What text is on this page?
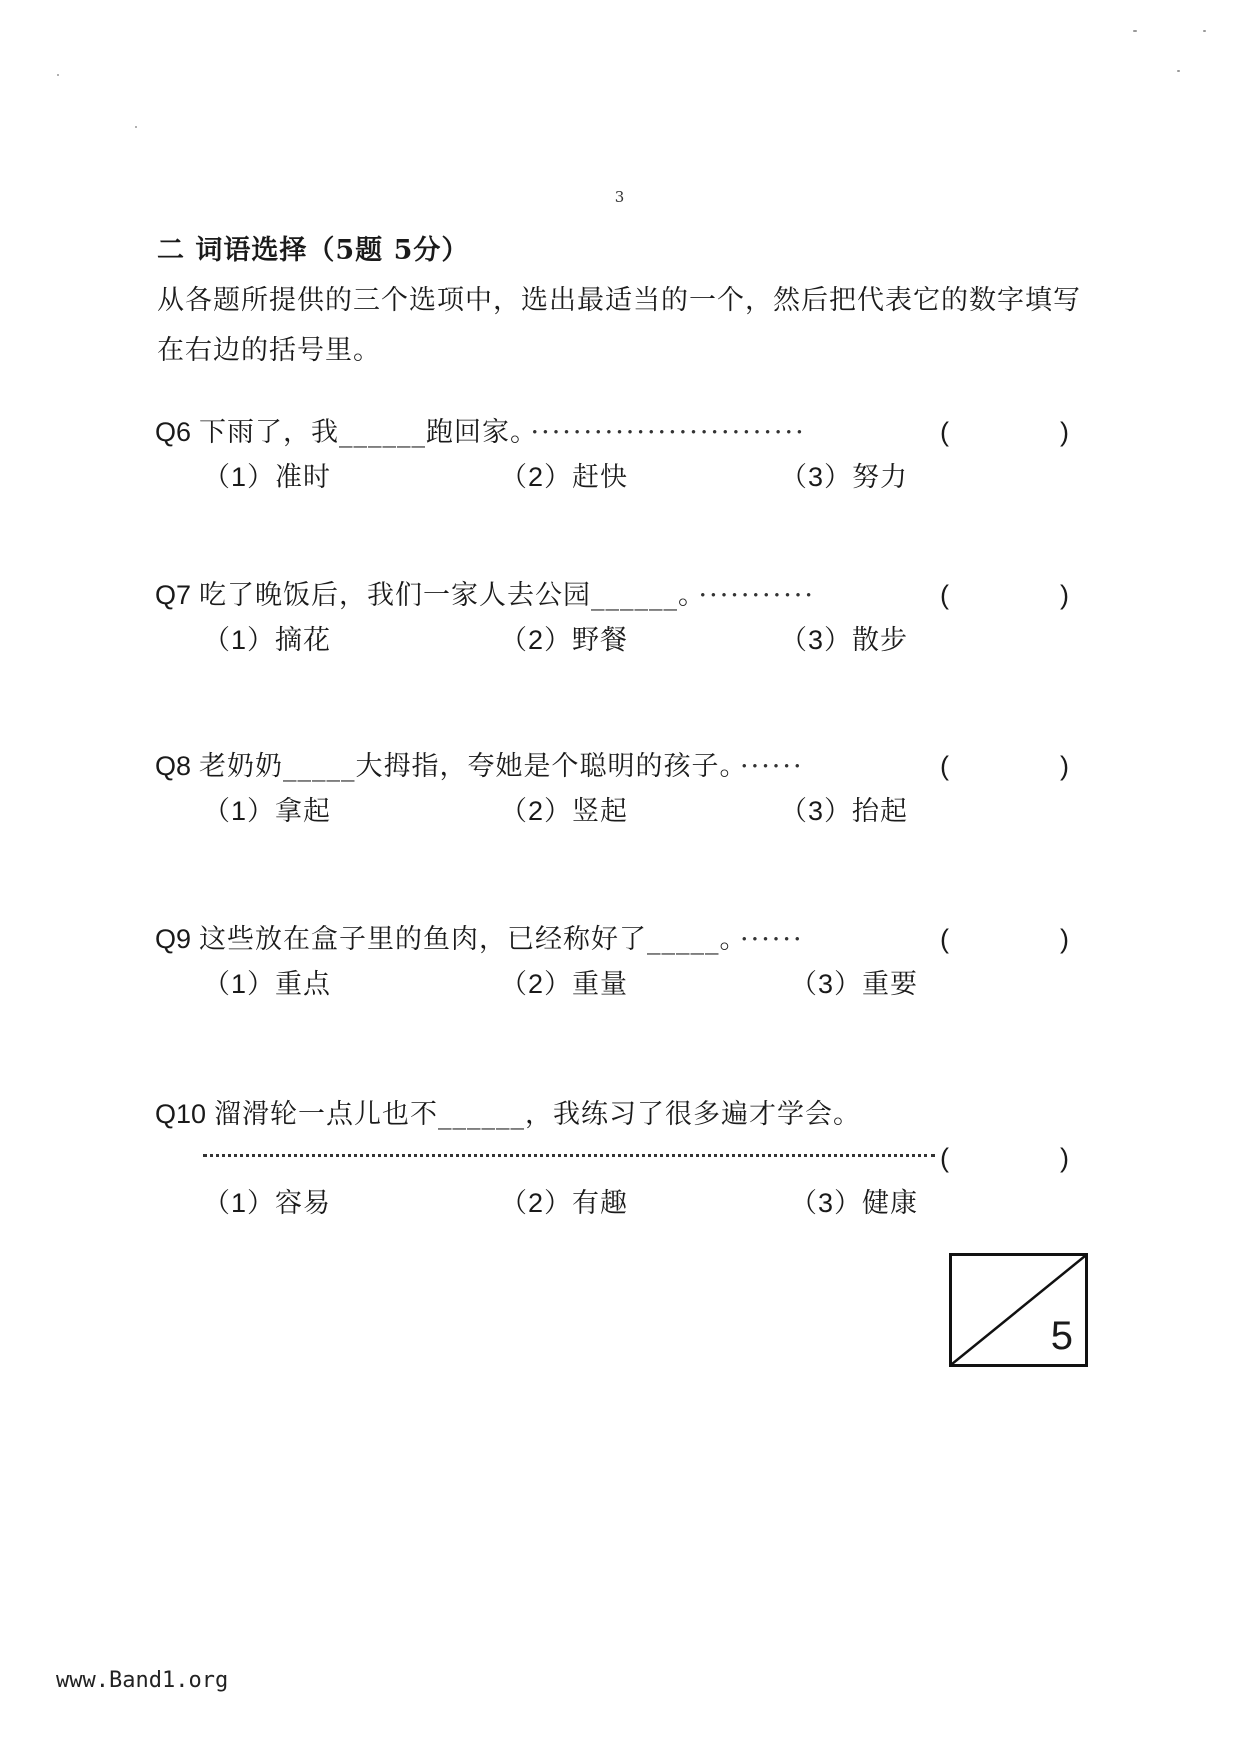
3
二 词语选择（5题 5分）
从各题所提供的三个选项中，选出最适当的一个，然后把代表它的数字填写在右边的括号里。
Q6 下雨了，我______跑回家。 ··························	(	)
（1）准时	（2）赶快	（3）努力
Q7 吃了晚饭后，我们一家人去公园______。 ···········	(	)
（1）摘花	（2）野餐	（3）散步
Q8 老奶奶_____大拇指，夸她是个聪明的孩子。 ······	(	)
（1）拿起	（2）竖起	（3）抬起
Q9 这些放在盒子里的鱼肉，已经称好了_____。 ······	(	)
（1）重点	（2）重量	（3）重要
Q10 溜滑轮一点儿也不______，我练习了很多遍才学会。
(	)
（1）容易	（2）有趣	（3）健康
5
www.Band1.org
